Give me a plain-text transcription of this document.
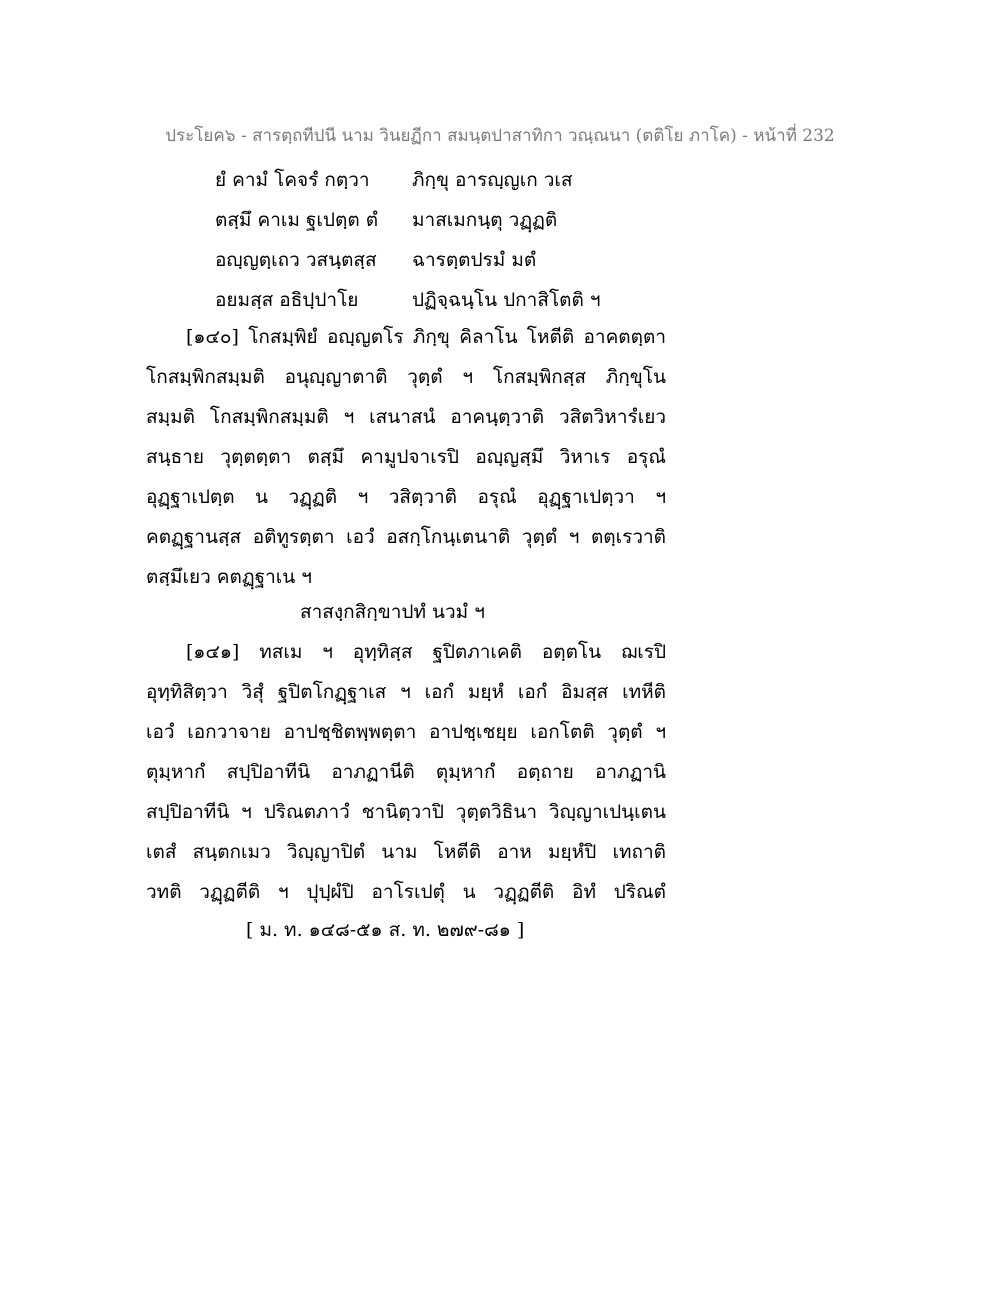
ประโยค๖ - สารตฺถทีปนี นาม วินยฏีกา สมนฺตปาสาทิกา วณฺณนา (ตติโย ภาโค) - หน้าที่ 232
ยํ คามํ โคจรํ กตฺวา	ภิกฺขุ อารญฺญเก วเส
ตสฺมึ คาเม ฐเปตฺต ตํ	มาสเมกนฺตุ วฏฺฏติ
อญฺญตฺเถว วสนฺตสฺส	ฉารตฺตปรมํ มตํ
อยมสฺส อธิปฺปาโย	ปฏิจฺฉนฺโน ปกาสิโตติ ฯ
[๑๔๐] โกสมฺพิยํ อญฺญตโร ภิกฺขุ คิลาโน โหตีติ อาคตตฺตา
โกสมฺพิกสมฺมติ อนุญฺญาตาติ วุตฺตํ ฯ โกสมฺพิกสฺส ภิกฺขุโน
สมฺมติ โกสมฺพิกสมฺมติ ฯ เสนาสนํ อาคนฺตฺวาติ วสิตวิหารํเยว
สนฺธาย วุตฺตตฺตา ตสฺมึ คามูปจาเรปิ อญฺญสฺมึ วิหาเร อรุณํ
อุฏฺฐาเปตฺต น วฏฺฏติ ฯ วสิตฺวาติ อรุณํ อุฏฺฐาเปตฺวา ฯ
คตฏฺฐานสฺส อติทูรตฺตา เอวํ อสกฺโกนฺเตนาติ วุตฺตํ ฯ ตตฺเรวาติ
ตสฺมึเยว คตฏฺฐาเน ฯ
สาสงฺกสิกฺขาปทํ นวมํ ฯ
[๑๔๑] ทสเม ฯ อุทฺทิสฺส ฐปิตภาเคติ อตฺตโน ฌเรปิ
อุทฺทิสิตฺวา วิสุํ ฐปิตโกฏฺฐาเส ฯ เอกํ มยฺหํ เอกํ อิมสฺส เทหีติ
เอวํ เอกวาจาย อาปชฺชิตพฺพตฺตา อาปชฺเชยฺย เอกโตติ วุตฺตํ ฯ
ตุมฺหากํ สปฺปิอาทีนิ อาภฏานีติ ตุมฺหากํ อตฺถาย อาภฏานิ
สปฺปิอาทีนิ ฯ ปริณตภาวํ ชานิตฺวาปิ วุตฺตวิธินา วิญฺญาเปนฺเตน
เตสํ สนฺตกเมว วิญฺญาปิตํ นาม โหตีติ อาห มยฺหํปิ เทถาติ
วทติ วฏฺฏตีติ ฯ ปุปฺผํปิ อาโรเปตุํ น วฏฺฏตีติ อิทํ ปริณตํ
[ ม. ท. ๑๔๘-๕๑ ส. ท. ๒๗๙-๘๑ ]
